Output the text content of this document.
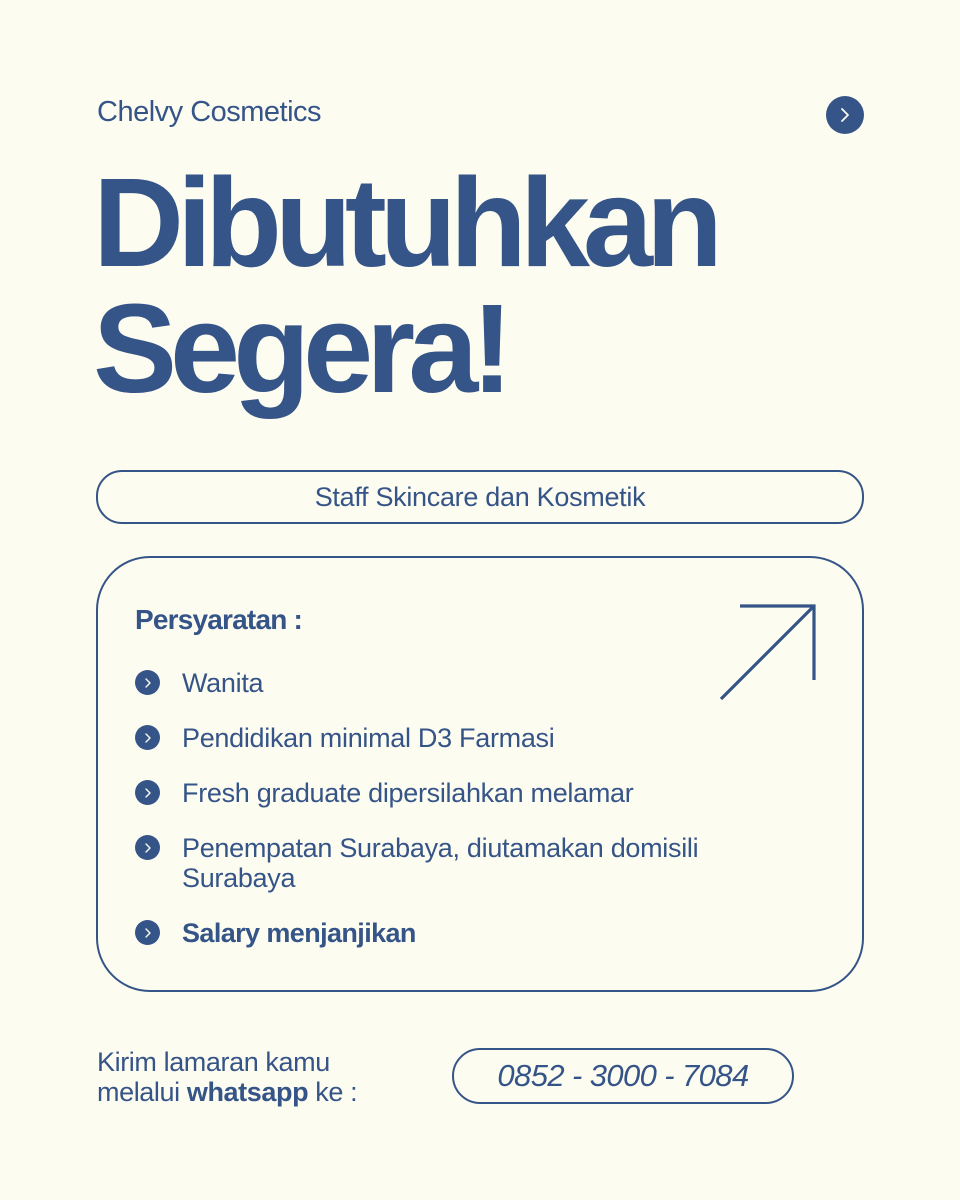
Chelvy Cosmetics
Dibutuhkan
Segera!
Staff Skincare dan Kosmetik
Persyaratan :
Wanita
Pendidikan minimal D3 Farmasi
Fresh graduate dipersilahkan melamar
Penempatan Surabaya, diutamakan domisili Surabaya
Salary menjanjikan
Kirim lamaran kamu
melalui whatsapp ke :	0852 - 3000 - 7084
